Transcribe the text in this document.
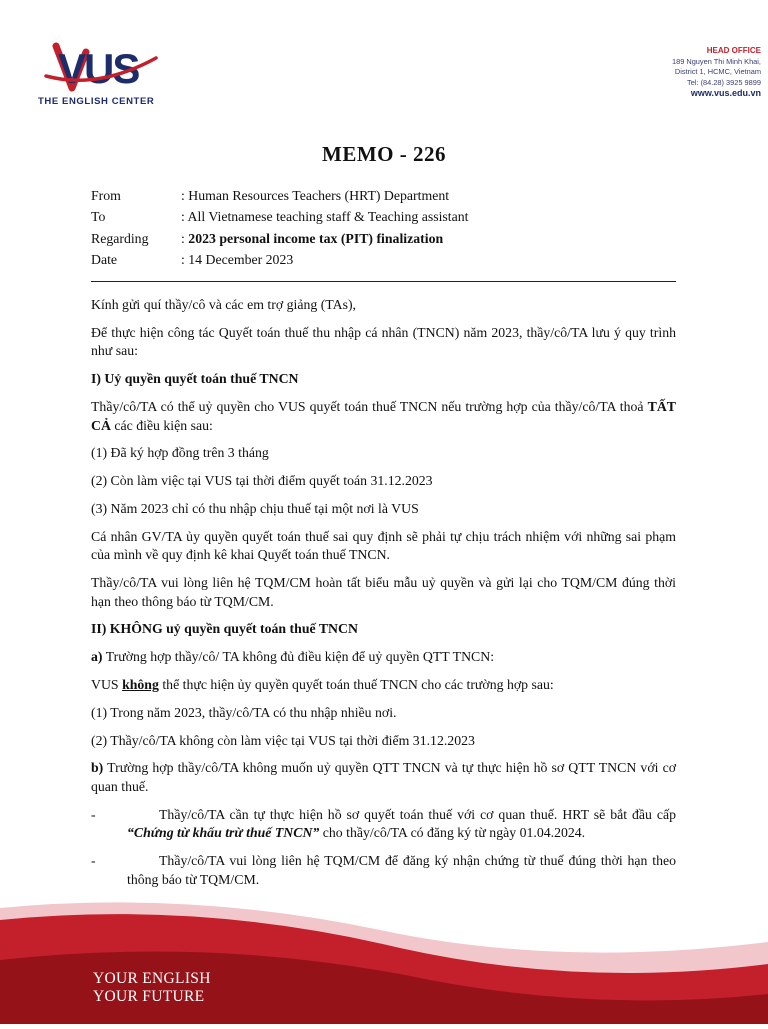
VUS
THE ENGLISH CENTER
HEAD OFFICE
189 Nguyen Thi Minh Khai,
District 1, HCMC, Vietnam
Tel: (84.28) 3925 9899
www.vus.edu.vn
MEMO - 226
From	: Human Resources Teachers (HRT) Department
To	: All Vietnamese teaching staff & Teaching assistant
Regarding : 2023 personal income tax (PIT) finalization
Date	: 14 December 2023

Kính gửi quí thầy/cô và các em trợ giảng (TAs),

Để thực hiện công tác Quyết toán thuế thu nhập cá nhân (TNCN) năm 2023, thầy/cô/TA lưu ý quy trình như sau:

I) Uỷ quyền quyết toán thuế TNCN

Thầy/cô/TA có thể uỷ quyền cho VUS quyết toán thuế TNCN nếu trường hợp của thầy/cô/TA thoả TẤT CẢ các điều kiện sau:

(1) Đã ký hợp đồng trên 3 tháng

(2) Còn làm việc tại VUS tại thời điểm quyết toán 31.12.2023

(3) Năm 2023 chỉ có thu nhập chịu thuế tại một nơi là VUS

Cá nhân GV/TA ủy quyền quyết toán thuế sai quy định sẽ phải tự chịu trách nhiệm với những sai phạm của mình về quy định kê khai Quyết toán thuế TNCN.

Thầy/cô/TA vui lòng liên hệ TQM/CM hoàn tất biểu mẫu uỷ quyền và gửi lại cho TQM/CM đúng thời hạn theo thông báo từ TQM/CM.

II) KHÔNG uỷ quyền quyết toán thuế TNCN

a) Trường hợp thầy/cô/ TA không đủ điều kiện để uỷ quyền QTT TNCN:

VUS không thể thực hiện ủy quyền quyết toán thuế TNCN cho các trường hợp sau:

(1) Trong năm 2023, thầy/cô/TA có thu nhập nhiều nơi.

(2) Thầy/cô/TA không còn làm việc tại VUS tại thời điểm 31.12.2023

b) Trường hợp thầy/cô/TA không muốn uỷ quyền QTT TNCN và tự thực hiện hồ sơ QTT TNCN với cơ quan thuế.

-	Thầy/cô/TA cần tự thực hiện hồ sơ quyết toán thuế với cơ quan thuế. HRT sẽ bắt đầu cấp “Chứng từ khấu trừ thuế TNCN” cho thầy/cô/TA có đăng ký từ ngày 01.04.2024.
-	Thầy/cô/TA vui lòng liên hệ TQM/CM để đăng ký nhận chứng từ thuế đúng thời hạn theo thông báo từ TQM/CM.
YOUR ENGLISH
YOUR FUTURE
